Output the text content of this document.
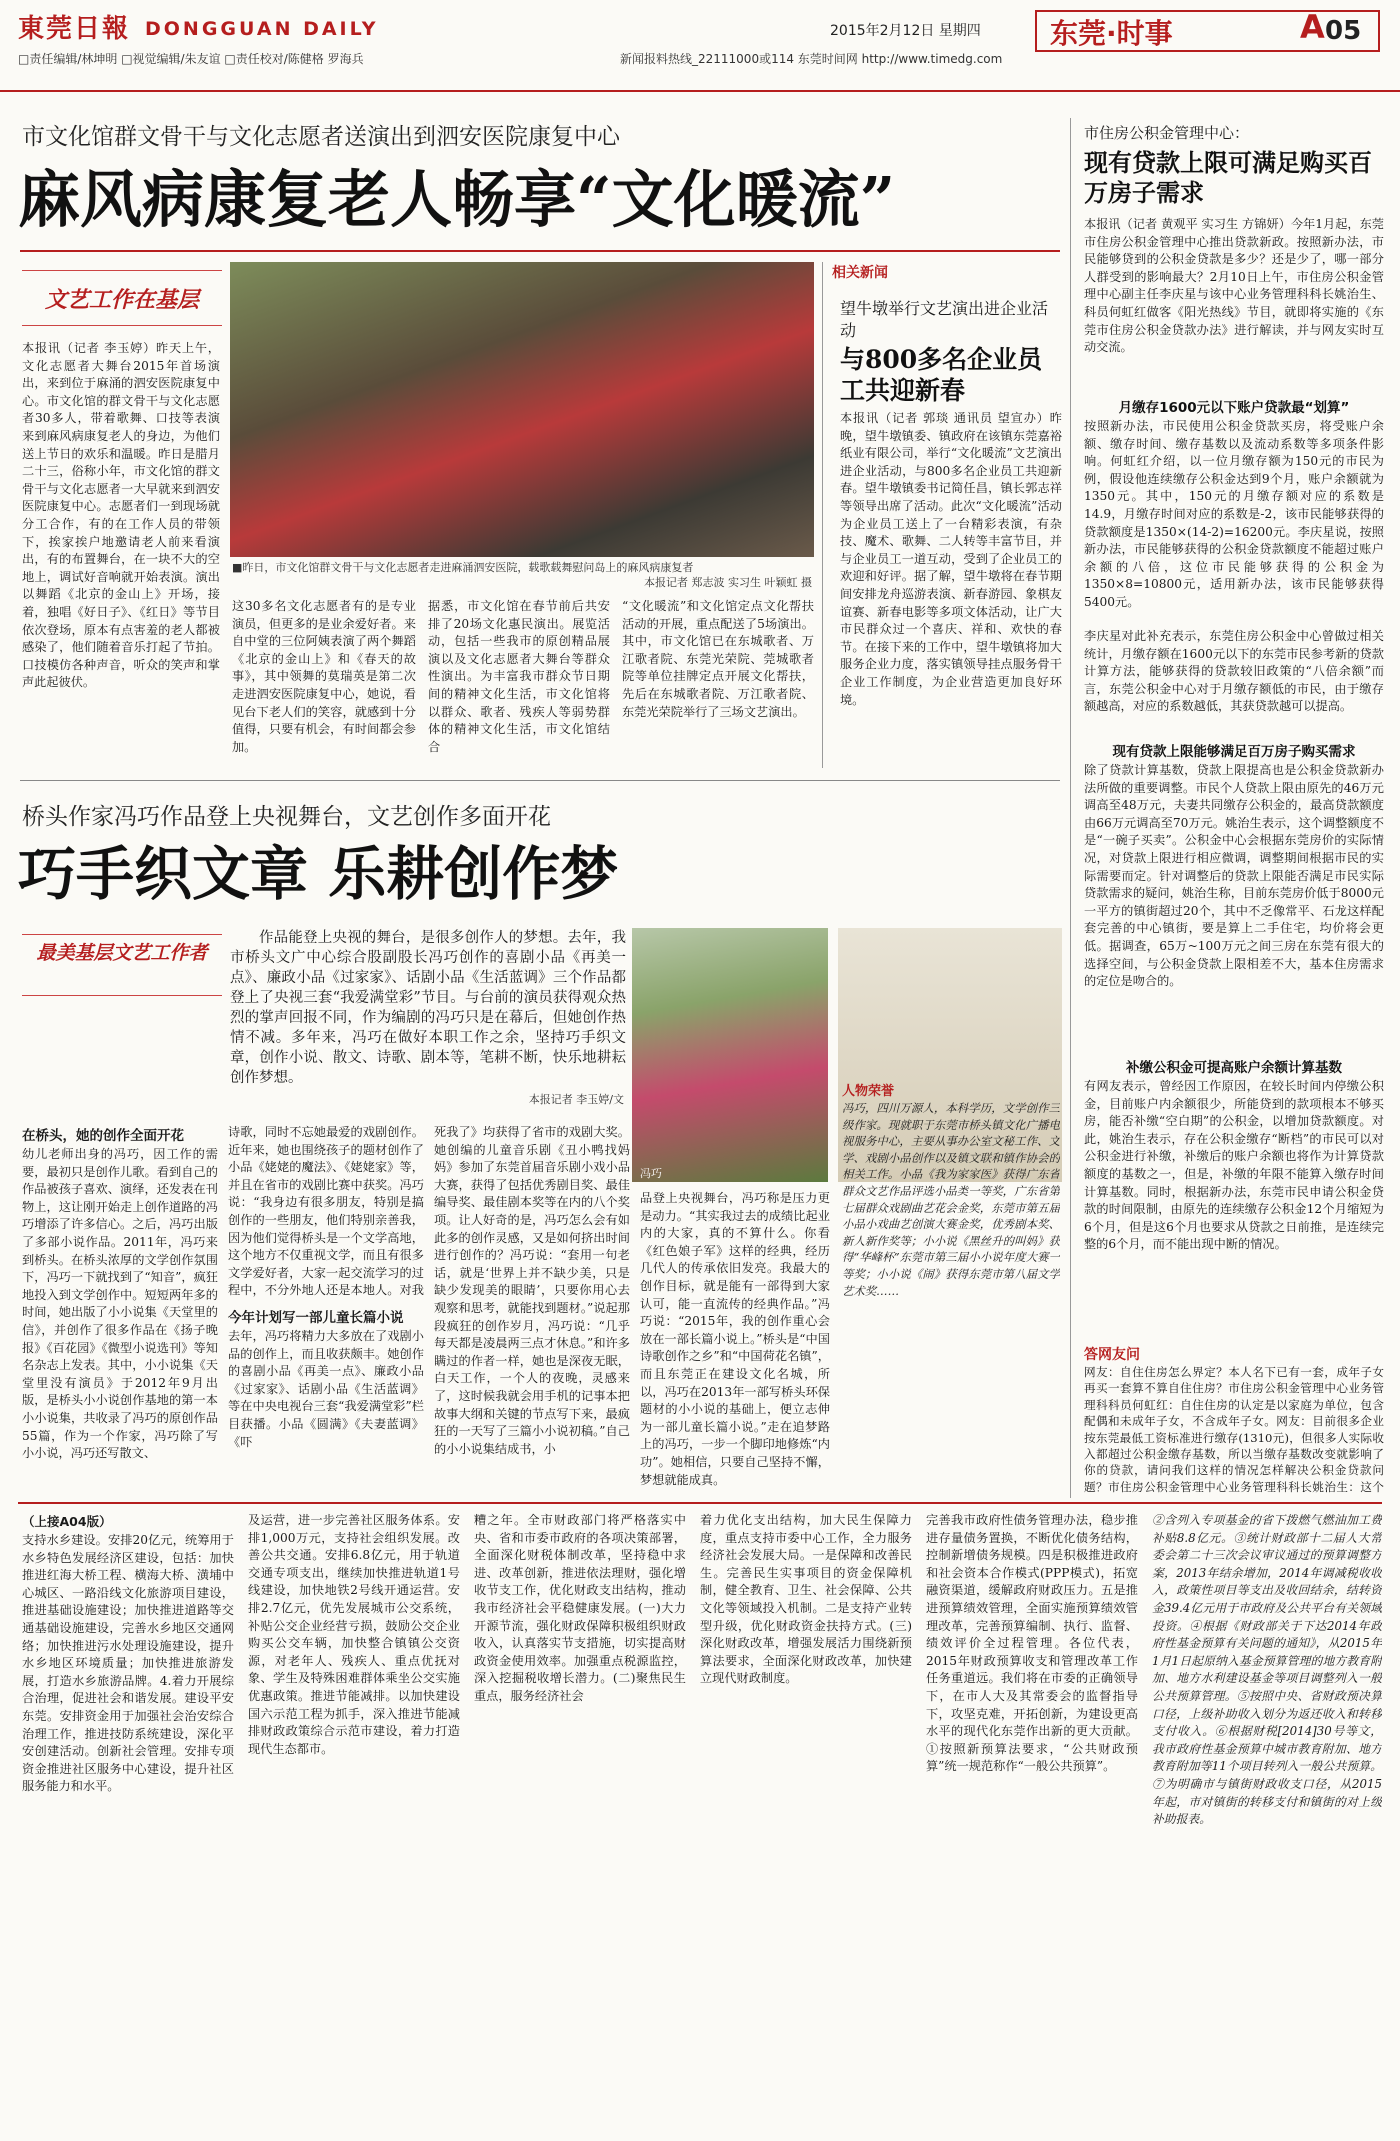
東莞日報 DONGGUAN DAILY
□责任编辑/林坤明 □视觉编辑/朱友谊 □责任校对/陈健格 罗海兵
2015年2月12日 星期四
新闻报料热线_22111000或114 东莞时间网 http://www.timedg.com
东莞·时事	A 05
市文化馆群文骨干与文化志愿者送演出到泗安医院康复中心
麻风病康复老人畅享“文化暖流”
文艺工作在基层
■昨日，市文化馆群文骨干与文化志愿者走进麻涌泗安医院，载歌载舞慰问岛上的麻风病康复者
本报记者 郑志波 实习生 叶颖虹 摄
本报讯（记者 李玉婷）昨天上午，文化志愿者大舞台2015年首场演出，来到位于麻涌的泗安医院康复中心。市文化馆的群文骨干与文化志愿者30多人，带着歌舞、口技等表演来到麻风病康复老人的身边，为他们送上节日的欢乐和温暖。昨日是腊月二十三，俗称小年，市文化馆的群文骨干与文化志愿者一大早就来到泗安医院康复中心。志愿者们一到现场就分工合作，有的在工作人员的带领下，挨家挨户地邀请老人前来看演出，有的布置舞台，在一块不大的空地上，调试好音响就开始表演。演出以舞蹈《北京的金山上》开场，接着，独唱《好日子》、《红日》等节目依次登场，原本有点害羞的老人都被感染了，他们随着音乐打起了节拍。口技模仿各种声音，听众的笑声和掌声此起彼伏。
这30多名文化志愿者有的是专业演员，但更多的是业余爱好者。来自中堂的三位阿姨表演了两个舞蹈《北京的金山上》和《春天的故事》，其中领舞的莫瑞英是第二次走进泗安医院康复中心，她说，看见台下老人们的笑容，就感到十分值得，只要有机会，有时间都会参加。
据悉，市文化馆在春节前后共安排了20场文化惠民演出。展览活动，包括一些我市的原创精品展演以及文化志愿者大舞台等群众性演出。为丰富我市群众节日期间的精神文化生活，市文化馆将以群众、歌者、残疾人等弱势群体的精神文化生活，市文化馆结合
“文化暖流”和文化馆定点文化帮扶活动的开展，重点配送了5场演出。其中，市文化馆已在东城歌者、万江歌者院、东莞光荣院、莞城歌者院等单位挂牌定点开展文化帮扶，先后在东城歌者院、万江歌者院、东莞光荣院举行了三场文艺演出。
相关新闻
望牛墩举行文艺演出进企业活动
与800多名企业员工共迎新春
本报讯（记者 郭琰 通讯员 望宣办）昨晚，望牛墩镇委、镇政府在该镇东莞嘉裕纸业有限公司，举行“文化暖流”文艺演出进企业活动，与800多名企业员工共迎新春。望牛墩镇委书记简任昌，镇长郭志祥等领导出席了活动。此次“文化暖流”活动为企业员工送上了一台精彩表演，有杂技、魔术、歌舞、二人转等丰富节目，并与企业员工一道互动，受到了企业员工的欢迎和好评。据了解，望牛墩将在春节期间安排龙舟巡游表演、新春游园、象棋友谊赛、新春电影等多项文体活动，让广大市民群众过一个喜庆、祥和、欢快的春节。在接下来的工作中，望牛墩镇将加大服务企业力度，落实镇领导挂点服务骨干企业工作制度，为企业营造更加良好环境。
桥头作家冯巧作品登上央视舞台，文艺创作多面开花
巧手织文章 乐耕创作梦
最美基层文艺工作者
作品能登上央视的舞台，是很多创作人的梦想。去年，我市桥头文广中心综合股副股长冯巧创作的喜剧小品《再美一点》、廉政小品《过家家》、话剧小品《生活蓝调》三个作品都登上了央视三套“我爱满堂彩”节目。与台前的演员获得观众热烈的掌声回报不同，作为编剧的冯巧只是在幕后，但她创作热情不减。多年来，冯巧在做好本职工作之余，坚持巧手织文章，创作小说、散文、诗歌、剧本等，笔耕不断，快乐地耕耘创作梦想。
本报记者 李玉婷/文
冯巧
人物荣誉
冯巧，四川万源人，本科学历，文学创作三级作家。现就职于东莞市桥头镇文化广播电视服务中心，主要从事办公室文秘工作、文学、戏剧小品创作以及镇文联和镇作协会的相关工作。小品《我为家家医》获得广东省群众文艺作品评选小品类一等奖，广东省第七届群众戏剧曲艺花会金奖，东莞市第五届小品小戏曲艺创演大赛金奖，优秀剧本奖、新人新作奖等；小小说《黑丝升的叫妈》获得“华峰杯”东莞市第三届小小说年度大赛一等奖；小小说《闹》获得东莞市第八届文学艺术奖……
在桥头，她的创作全面开花
幼儿老师出身的冯巧，因工作的需要，最初只是创作儿歌。看到自己的作品被孩子喜欢、演绎，还发表在刊物上，这让刚开始走上创作道路的冯巧增添了许多信心。之后，冯巧出版了多部小说作品。2011年，冯巧来到桥头。在桥头浓厚的文学创作氛围下，冯巧一下就找到了“知音”，疯狂地投入到文学创作中。短短两年多的时间，她出版了小小说集《天堂里的信》，并创作了很多作品在《扬子晚报》《百花园》《微型小说选刊》等知名杂志上发表。其中，小小说集《天堂里没有演员》于2012年9月出版，是桥头小小说创作基地的第一本小小说集，共收录了冯巧的原创作品55篇，作为一个作家，冯巧除了写小小说，冯巧还写散文、
诗歌，同时不忘她最爱的戏剧创作。近年来，她也围绕孩子的题材创作了小品《姥姥的魔法》、《姥姥家》等，并且在省市的戏剧比赛中获奖。冯巧说：“我身边有很多朋友，特别是搞创作的一些朋友，他们特别亲善我，因为他们觉得桥头是一个文学高地，这个地方不仅重视文学，而且有很多文学爱好者，大家一起交流学习的过程中，不分外地人还是本地人。对我
今年计划写一部儿童长篇小说
去年，冯巧将精力大多放在了戏剧小品的创作上，而且收获颇丰。她创作的喜剧小品《再美一点》、廉政小品《过家家》、话剧小品《生活蓝调》等在中央电视台三套“我爱满堂彩”栏目获播。小品《圆满》《夫妻蓝调》《吓
死我了》均获得了省市的戏剧大奖。她创编的儿童音乐剧《丑小鸭找妈妈》参加了东莞首届音乐剧小戏小品大赛，获得了包括优秀剧目奖、最佳编导奖、最佳剧本奖等在内的八个奖项。让人好奇的是，冯巧怎么会有如此多的创作灵感，又是如何挤出时间进行创作的？冯巧说：“套用一句老话，就是‘世界上并不缺少美，只是缺少发现美的眼睛’，只要你用心去观察和思考，就能找到题材。”说起那段疯狂的创作岁月，冯巧说：“几乎每天都是凌晨两三点才休息。”和许多瞒过的作者一样，她也是深夜无眠，白天工作，一个人的夜晚，灵感来了，这时候我就会用手机的记事本把故事大纲和关键的节点写下来，最疯狂的一天写了三篇小小说初稿。”自己的小小说集结成书，小
品登上央视舞台，冯巧称是压力更是动力。“其实我过去的成绩比起业内的大家，真的不算什么。你看《红色娘子军》这样的经典，经历几代人的传承依旧发亮。我最大的创作目标，就是能有一部得到大家认可，能一直流传的经典作品。”冯巧说：“2015年，我的创作重心会放在一部长篇小说上。”桥头是“中国诗歌创作之乡”和“中国荷花名镇”，而且东莞正在建设文化名城，所以，冯巧在2013年一部写桥头环保题材的小小说的基础上，便立志伸为一部儿童长篇小说。”走在追梦路上的冯巧，一步一个脚印地修炼“内功”。她相信，只要自己坚持不懈，梦想就能成真。
市住房公积金管理中心：
现有贷款上限可满足购买百万房子需求
本报讯（记者 黄观平 实习生 方锦妍）今年1月起，东莞市住房公积金管理中心推出贷款新政。按照新办法，市民能够贷到的公积金贷款是多少？还是少了，哪一部分人群受到的影响最大？2月10日上午，市住房公积金管理中心副主任李庆星与该中心业务管理科科长姚治生、科员何虹红做客《阳光热线》节目，就即将实施的《东莞市住房公积金贷款办法》进行解读，并与网友实时互动交流。
月缴存1600元以下账户贷款最“划算”
按照新办法，市民使用公积金贷款买房，将受账户余额、缴存时间、缴存基数以及流动系数等多项条件影响。何虹红介绍，以一位月缴存额为150元的市民为例，假设他连续缴存公积金达到9个月，账户余额就为1350元。其中，150元的月缴存额对应的系数是14.9，月缴存时间对应的系数是-2，该市民能够获得的贷款额度是1350×(14-2)=16200元。李庆星说，按照新办法，市民能够获得的公积金贷款额度不能超过账户余额的八倍，这位市民能够获得的公积金为1350×8=10800元，适用新办法，该市民能够获得5400元。
李庆星对此补充表示，东莞住房公积金中心曾做过相关统计，月缴存额在1600元以下的东莞市民参考新的贷款计算方法，能够获得的贷款较旧政策的“八倍余额”而言，东莞公积金中心对于月缴存额低的市民，由于缴存额越高，对应的系数越低，其获贷款越可以提高。
现有贷款上限能够满足百万房子购买需求
除了贷款计算基数，贷款上限提高也是公积金贷款新办法所做的重要调整。市民个人贷款上限由原先的46万元调高至48万元，夫妻共同缴存公积金的，最高贷款额度由66万元调高至70万元。姚治生表示，这个调整额度不是“一碗子买卖”。公积金中心会根据东莞房价的实际情况，对贷款上限进行相应微调，调整期间根据市民的实际需要而定。针对调整后的贷款上限能否满足市民实际贷款需求的疑问，姚治生称，目前东莞房价低于8000元一平方的镇街超过20个，其中不乏像常平、石龙这样配套完善的中心镇街，要是算上二手住宅，均价将会更低。据调查，65万~100万元之间三房在东莞有很大的选择空间，与公积金贷款上限相差不大，基本住房需求的定位是吻合的。
补缴公积金可提高账户余额计算基数
有网友表示，曾经因工作原因，在较长时间内停缴公积金，目前账户内余额很少，所能贷到的款项根本不够买房，能否补缴“空白期”的公积金，以增加贷款额度。对此，姚治生表示，存在公积金缴存“断档”的市民可以对公积金进行补缴，补缴后的账户余额也将作为计算贷款额度的基数之一，但是，补缴的年限不能算入缴存时间计算基数。同时，根据新办法，东莞市民申请公积金贷款的时间限制，由原先的连续缴存公积金12个月缩短为6个月，但是这6个月也要求从贷款之日前推，是连续完整的6个月，而不能出现中断的情况。
答网友问
网友：自住住房怎么界定？本人名下已有一套，成年子女再买一套算不算自住住房？市住房公积金管理中心业务管理科科员何虹红：自住住房的认定是以家庭为单位，包含配偶和未成年子女，不含成年子女。网友：目前很多企业按东莞最低工资标准进行缴存(1310元)，但很多人实际收入都超过公积金缴存基数，所以当缴存基数改变就影响了你的贷款，请问我们这样的情况怎样解决公积金贷款问题？市住房公积金管理中心业务管理科科长姚治生：这个
（上接A04版）
支持水乡建设。安排20亿元，统筹用于水乡特色发展经济区建设，包括：加快推进红海大桥工程、横海大桥、潢埔中心城区、一路沿线文化旅游项目建设，推进基础设施建设；加快推进道路等交通基础设施建设，完善水乡地区交通网络；加快推进污水处理设施建设，提升水乡地区环境质量；加快推进旅游发展，打造水乡旅游品牌。4.着力开展综合治理，促进社会和谐发展。建设平安东莞。安排资金用于加强社会治安综合治理工作，推进技防系统建设，深化平安创建活动。创新社会管理。安排专项资金推进社区服务中心建设，提升社区服务能力和水平。
及运营，进一步完善社区服务体系。安排1,000万元，支持社会组织发展。改善公共交通。安排6.8亿元，用于轨道交通专项支出，继续加快推进轨道1号线建设，加快地铁2号线开通运营。安排2.7亿元，优先发展城市公交系统，补贴公交企业经营亏损，鼓励公交企业购买公交车辆，加快整合镇镇公交资源，对老年人、残疾人、重点优抚对象、学生及特殊困难群体乘坐公交实施优惠政策。推进节能减排。以加快建设国六示范工程为抓手，深入推进节能减排财政政策综合示范市建设，着力打造现代生态都市。
糟之年。全市财政部门将严格落实中央、省和市委市政府的各项决策部署，全面深化财税体制改革，坚持稳中求进、改革创新，推进依法理财，强化增收节支工作，优化财政支出结构，推动我市经济社会平稳健康发展。(一)大力开源节流，强化财政保障积极组织财政收入，认真落实节支措施，切实提高财政资金使用效率。加强重点税源监控，深入挖掘税收增长潜力。(二)聚焦民生重点，服务经济社会
着力优化支出结构，加大民生保障力度，重点支持市委中心工作，全力服务经济社会发展大局。一是保障和改善民生。完善民生实事项目的资金保障机制，健全教育、卫生、社会保障、公共文化等领域投入机制。二是支持产业转型升级，优化财政资金扶持方式。(三)深化财政改革，增强发展活力围绕新预算法要求，全面深化财政改革，加快建立现代财政制度。
完善我市政府性债务管理办法，稳步推进存量债务置换，不断优化债务结构，控制新增债务规模。四是积极推进政府和社会资本合作模式(PPP模式)，拓宽融资渠道，缓解政府财政压力。五是推进预算绩效管理，全面实施预算绩效管理改革，完善预算编制、执行、监督、绩效评价全过程管理。各位代表，2015年财政预算收支和管理改革工作任务重道远。我们将在市委的正确领导下，在市人大及其常委会的监督指导下，攻坚克难，开拓创新，为建设更高水平的现代化东莞作出新的更大贡献。①按照新预算法要求，“公共财政预算”统一规范称作“一般公共预算”。
②含列入专项基金的省下拨燃气燃油加工费补贴8.8亿元。③统计财政部十二届人大常委会第二十三次会议审议通过的预算调整方案，2013年结余增加，2014年调减税收收入，政策性项目等支出及收回结余，结转资金39.4亿元用于市政府及公共平台有关领域投资。④根据《财政部关于下达2014年政府性基金预算有关问题的通知》，从2015年1月1日起原纳入基金预算管理的地方教育附加、地方水利建设基金等项目调整列入一般公共预算管理。⑤按照中央、省财政预决算口径，上级补助收入划分为返还收入和转移支付收入。⑥根据财税[2014]30号等文，我市政府性基金预算中城市教育附加、地方教育附加等11个项目转列入一般公共预算。⑦为明确市与镇街财政收支口径，从2015年起，市对镇街的转移支付和镇街的对上级补助报表。
